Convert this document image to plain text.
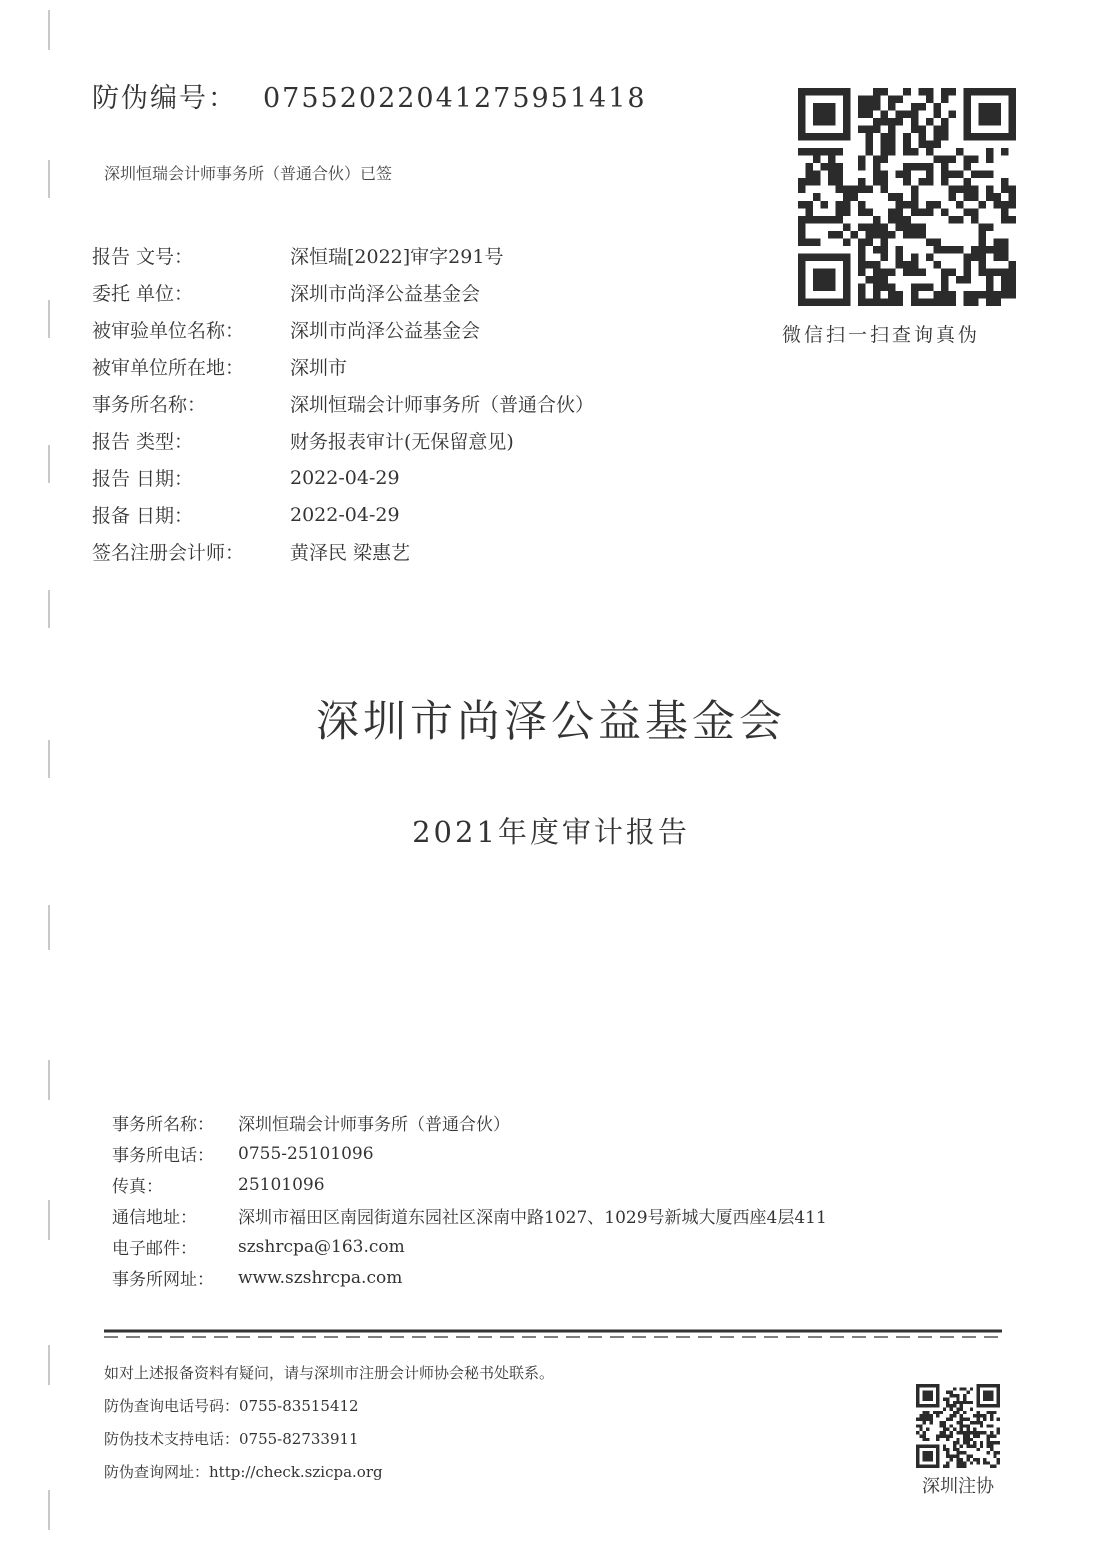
防伪编号： 07552022041275951418
深圳恒瑞会计师事务所（普通合伙）已签
微信扫一扫查询真伪
报告 文号：	深恒瑞[2022]审字291号
委托 单位：	深圳市尚泽公益基金会
被审验单位名称：	深圳市尚泽公益基金会
被审单位所在地：	深圳市
事务所名称：	深圳恒瑞会计师事务所（普通合伙）
报告 类型：	财务报表审计(无保留意见)
报告 日期：	2022-04-29
报备 日期：	2022-04-29
签名注册会计师：	黄泽民 梁惠艺
深圳市尚泽公益基金会
2021年度审计报告
事务所名称：	深圳恒瑞会计师事务所（普通合伙）
事务所电话：	0755-25101096
传真：	25101096
通信地址：	深圳市福田区南园街道东园社区深南中路1027、1029号新城大厦西座4层411
电子邮件：	szshrcpa@163.com
事务所网址：	www.szshrcpa.com
如对上述报备资料有疑问，请与深圳市注册会计师协会秘书处联系。
防伪查询电话号码：0755-83515412
防伪技术支持电话：0755-82733911
防伪查询网址：http://check.szicpa.org
深圳注协
